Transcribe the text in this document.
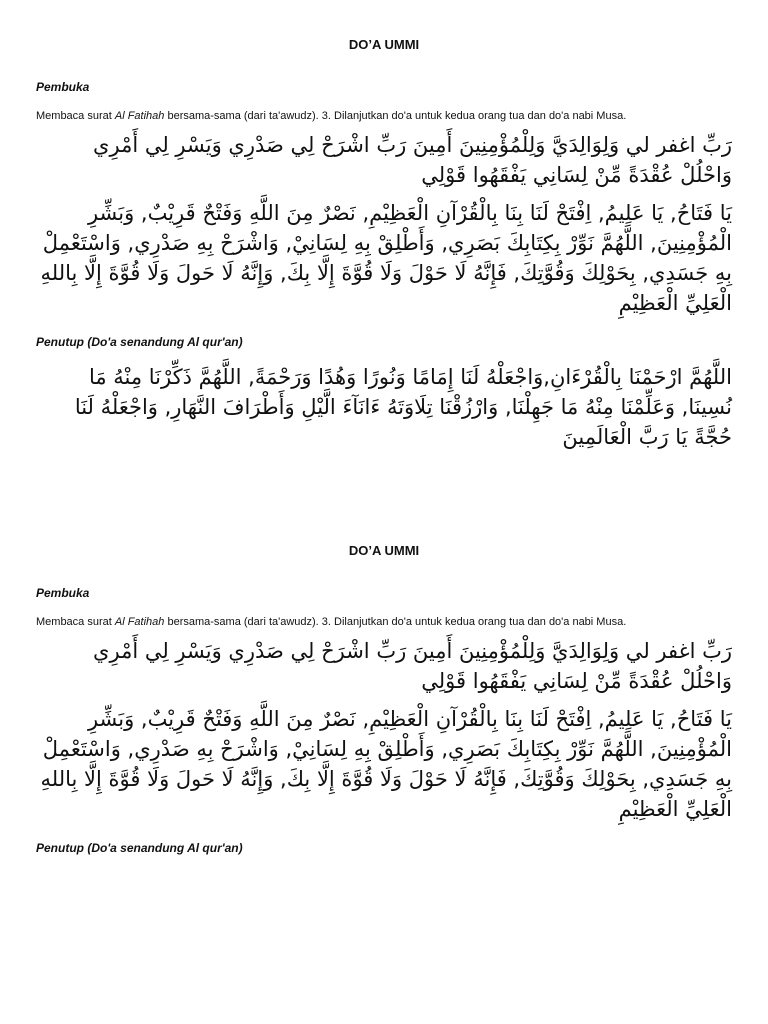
DO’A UMMI

Pembuka

Membaca surat Al Fatihah bersama-sama (dari ta'awudz). 3. Dilanjutkan do'a untuk kedua orang tua dan do'a nabi Musa.

رَبِّ اغفر لي وَلِوَالِدَيَّ وَلِلْمُؤْمِنِينَ أَمِينَ رَبِّ اشْرَحْ لِي صَدْرِي وَيَسْرِ لِي أَمْرِي وَاحْلُلْ عُقْدَةً مِّنْ لِسَانِي يَفْقَهُوا قَوْلِي

يَا فَتَاحُ, يَا عَلِيمُ, اِفْتَحْ لَنَا بِنَا بِالْقُرْآنِ الْعَظِيْمِ, نَصْرٌ مِنَ اللَّهِ وَفَتْحٌ قَرِيْبٌ, وَبَشِّرِ الْمُؤْمِنِينَ, اللَّهُمَّ نَوِّرْ بِكِتَابِكَ بَصَرِي, وَأَطْلِقْ بِهِ لِسَانِيْ, وَاشْرَحْ بِهِ صَدْرِي, وَاسْتَعْمِلْ بِهِ جَسَدِي, بِحَوْلِكَ وَقُوَّتِكَ, فَإِنَّهُ لَا حَوْلَ وَلَا قُوَّةَ إِلَّا بِكَ, وَإِنَّهُ لَا حَولَ وَلَا قُوَّةَ إِلَّا بِاللهِ الْعَلِيِّ الْعَظِيْمِ

Penutup (Do'a senandung Al qur'an)

اللَّهُمَّ ارْحَمْنَا بِالْقُرْءَانِ,وَاجْعَلْهُ لَنَا إِمَامًا وَنُورًا وَهُدًا وَرَحْمَةً, اللَّهُمَّ ذَكِّرْنَا مِنْهُ مَا نُسِينَا, وَعَلِّمْنَا مِنْهُ مَا جَهِلْنَا, وَارْزُقْنَا تِلَاوَتَهُ ءَانَآءَ الَّيْلِ وَأَطْرَافَ النَّهَارِ, وَاجْعَلْهُ لَنَا حُجَّةً يَا رَبَّ الْعَالَمِينَ

DO’A UMMI

Pembuka

Membaca surat Al Fatihah bersama-sama (dari ta'awudz). 3. Dilanjutkan do'a untuk kedua orang tua dan do'a nabi Musa.

رَبِّ اغفر لي وَلِوَالِدَيَّ وَلِلْمُؤْمِنِينَ أَمِينَ رَبِّ اشْرَحْ لِي صَدْرِي وَيَسْرِ لِي أَمْرِي وَاحْلُلْ عُقْدَةً مِّنْ لِسَانِي يَفْقَهُوا قَوْلِي

يَا فَتَاحُ, يَا عَلِيمُ, اِفْتَحْ لَنَا بِنَا بِالْقُرْآنِ الْعَظِيْمِ, نَصْرٌ مِنَ اللَّهِ وَفَتْحٌ قَرِيْبٌ, وَبَشِّرِ الْمُؤْمِنِينَ, اللَّهُمَّ نَوِّرْ بِكِتَابِكَ بَصَرِي, وَأَطْلِقْ بِهِ لِسَانِيْ, وَاشْرَحْ بِهِ صَدْرِي, وَاسْتَعْمِلْ بِهِ جَسَدِي, بِحَوْلِكَ وَقُوَّتِكَ, فَإِنَّهُ لَا حَوْلَ وَلَا قُوَّةَ إِلَّا بِكَ, وَإِنَّهُ لَا حَولَ وَلَا قُوَّةَ إِلَّا بِاللهِ الْعَلِيِّ الْعَظِيْمِ

Penutup (Do'a senandung Al qur'an)
